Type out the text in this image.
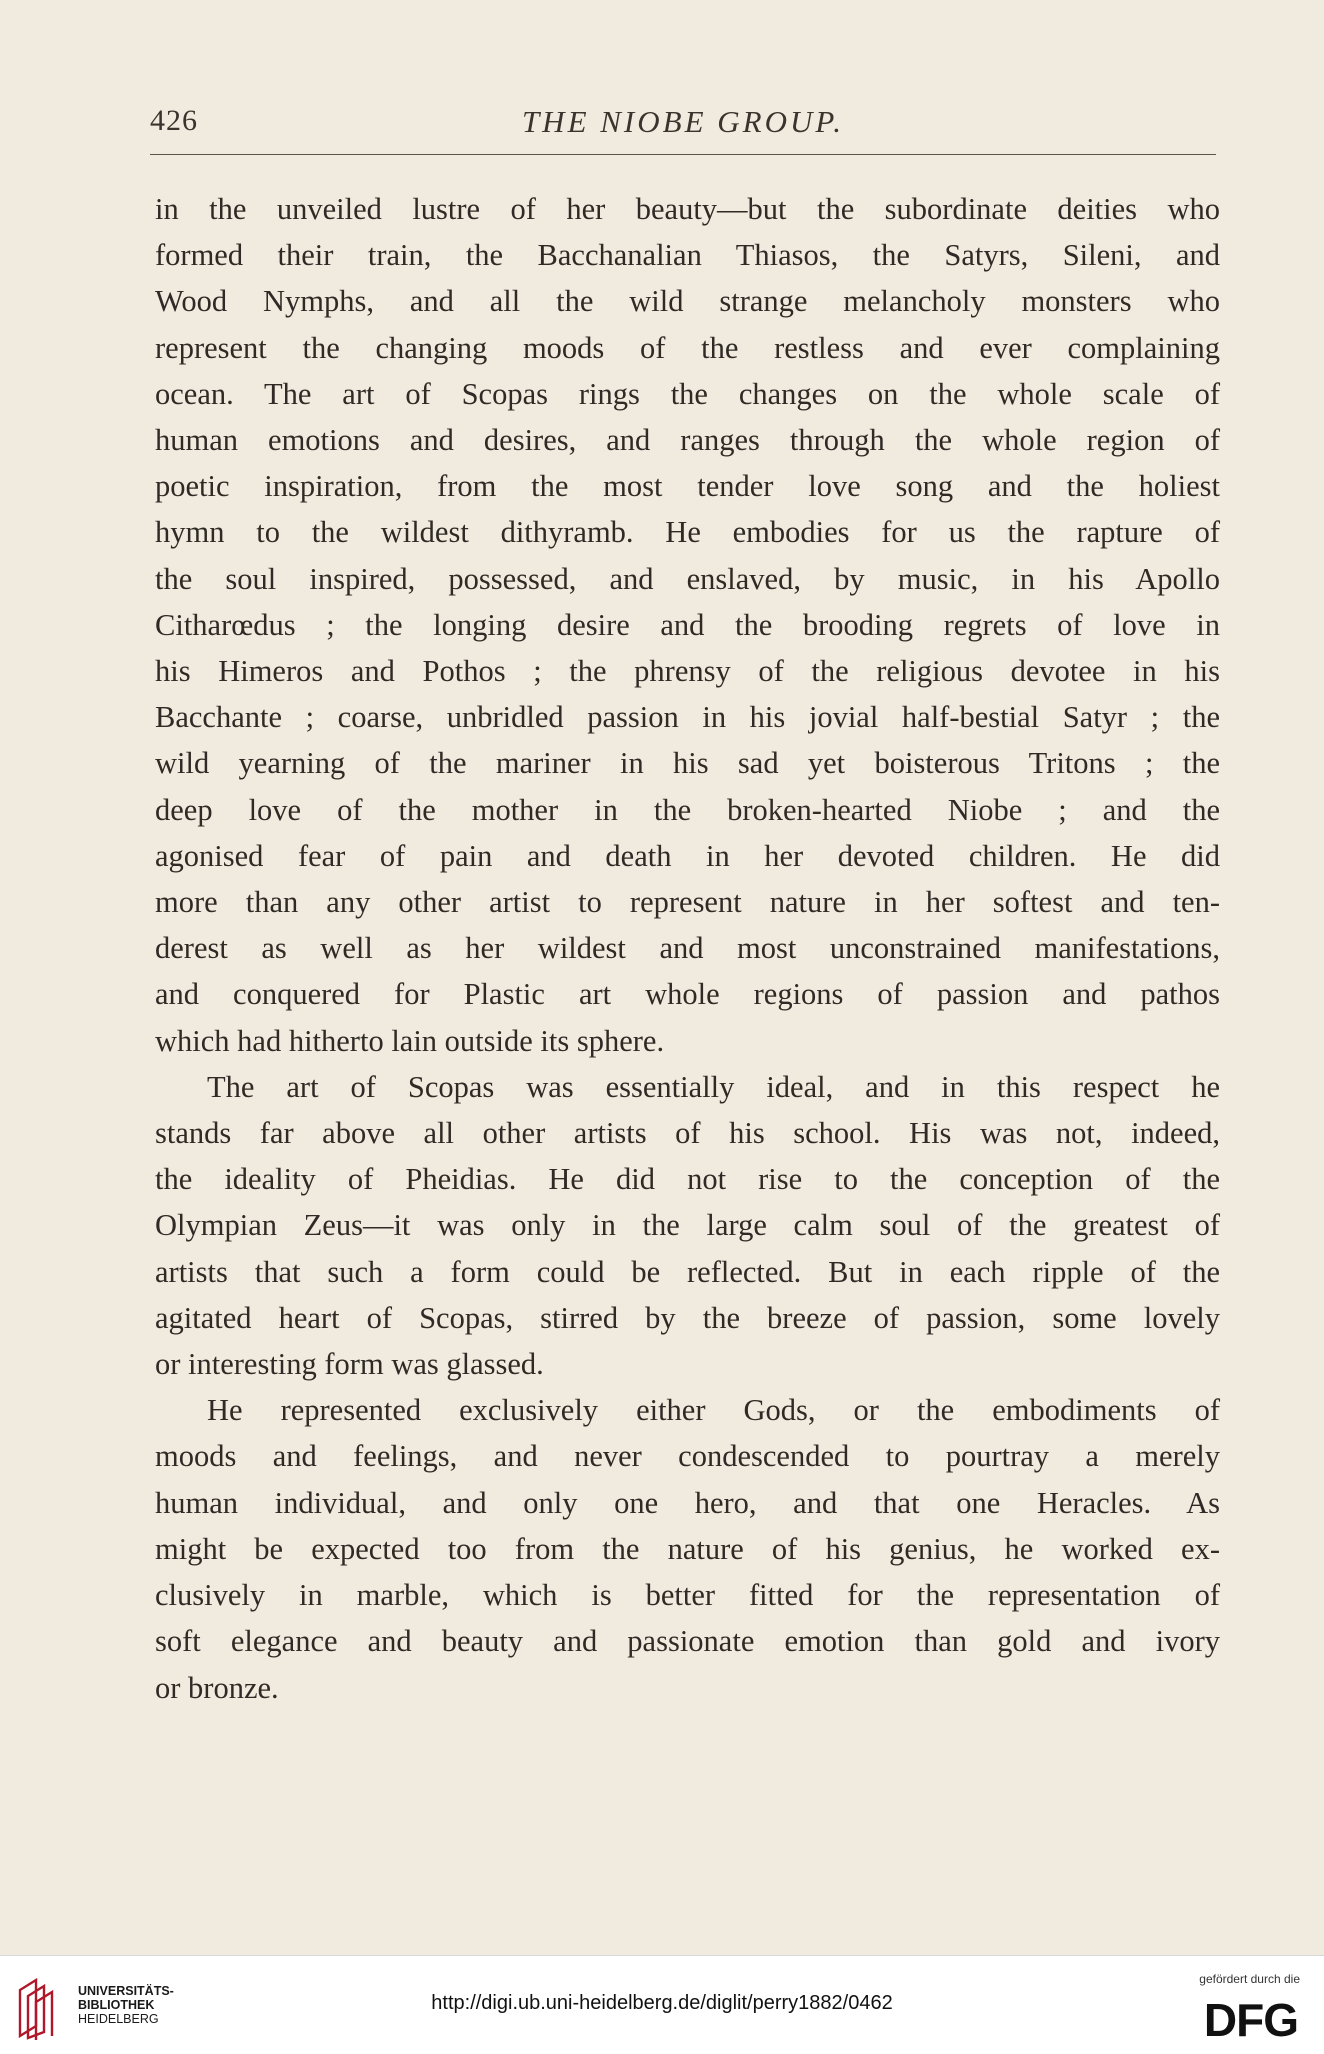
426	THE NIOBE GROUP.
in the unveiled lustre of her beauty—but the subordinate deities who
formed their train, the Bacchanalian Thiasos, the Satyrs, Sileni, and
Wood Nymphs, and all the wild strange melancholy monsters who
represent the changing moods of the restless and ever complaining
ocean. The art of Scopas rings the changes on the whole scale of
human emotions and desires, and ranges through the whole region of
poetic inspiration, from the most tender love song and the holiest
hymn to the wildest dithyramb. He embodies for us the rapture of
the soul inspired, possessed, and enslaved, by music, in his Apollo
Citharœdus ; the longing desire and the brooding regrets of love in
his Himeros and Pothos ; the phrensy of the religious devotee in his
Bacchante ; coarse, unbridled passion in his jovial half-bestial Satyr ; the
wild yearning of the mariner in his sad yet boisterous Tritons ; the
deep love of the mother in the broken-hearted Niobe ; and the
agonised fear of pain and death in her devoted children. He did
more than any other artist to represent nature in her softest and ten-
derest as well as her wildest and most unconstrained manifestations,
and conquered for Plastic art whole regions of passion and pathos
which had hitherto lain outside its sphere.
The art of Scopas was essentially ideal, and in this respect he
stands far above all other artists of his school. His was not, indeed,
the ideality of Pheidias. He did not rise to the conception of the
Olympian Zeus—it was only in the large calm soul of the greatest of
artists that such a form could be reflected. But in each ripple of the
agitated heart of Scopas, stirred by the breeze of passion, some lovely
or interesting form was glassed.
He represented exclusively either Gods, or the embodiments of
moods and feelings, and never condescended to pourtray a merely
human individual, and only one hero, and that one Heracles. As
might be expected too from the nature of his genius, he worked ex-
clusively in marble, which is better fitted for the representation of
soft elegance and beauty and passionate emotion than gold and ivory
or bronze.
UNIVERSITÄTS-
BIBLIOTHEK
HEIDELBERG
http://digi.ub.uni-heidelberg.de/diglit/perry1882/0462
gefördert durch die
DFG
